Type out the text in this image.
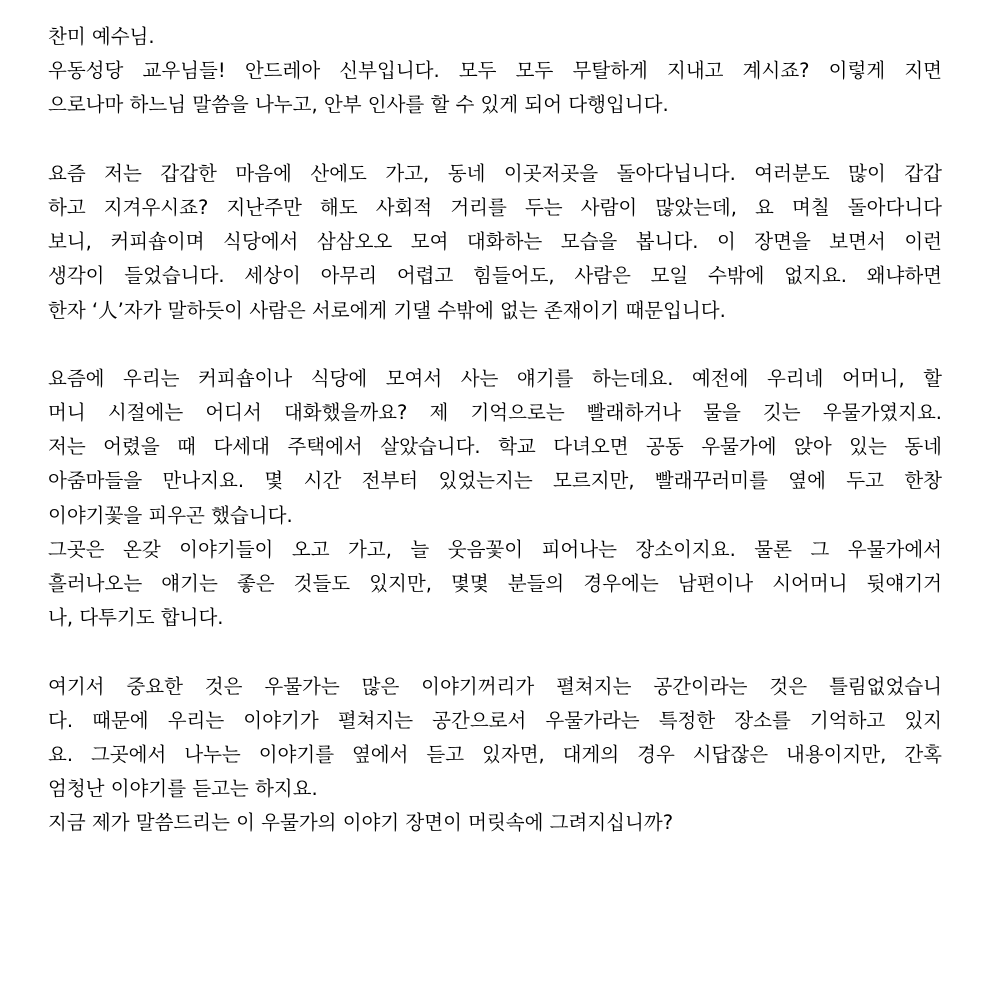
찬미 예수님.
우동성당 교우님들! 안드레아 신부입니다. 모두 모두 무탈하게 지내고 계시죠? 이렇게 지면
으로나마 하느님 말씀을 나누고, 안부 인사를 할 수 있게 되어 다행입니다.
요즘 저는 갑갑한 마음에 산에도 가고, 동네 이곳저곳을 돌아다닙니다. 여러분도 많이 갑갑
하고 지겨우시죠? 지난주만 해도 사회적 거리를 두는 사람이 많았는데, 요 며칠 돌아다니다
보니, 커피숍이며 식당에서 삼삼오오 모여 대화하는 모습을 봅니다. 이 장면을 보면서 이런
생각이 들었습니다. 세상이 아무리 어렵고 힘들어도, 사람은 모일 수밖에 없지요. 왜냐하면
한자 ‘人’자가 말하듯이 사람은 서로에게 기댈 수밖에 없는 존재이기 때문입니다.
요즘에 우리는 커피숍이나 식당에 모여서 사는 얘기를 하는데요. 예전에 우리네 어머니, 할
머니 시절에는 어디서 대화했을까요? 제 기억으로는 빨래하거나 물을 깃는 우물가였지요.
저는 어렸을 때 다세대 주택에서 살았습니다. 학교 다녀오면 공동 우물가에 앉아 있는 동네
아줌마들을 만나지요. 몇 시간 전부터 있었는지는 모르지만, 빨래꾸러미를 옆에 두고 한창
이야기꽃을 피우곤 했습니다.
그곳은 온갖 이야기들이 오고 가고, 늘 웃음꽃이 피어나는 장소이지요. 물론 그 우물가에서
흘러나오는 얘기는 좋은 것들도 있지만, 몇몇 분들의 경우에는 남편이나 시어머니 뒷얘기거
나, 다투기도 합니다.
여기서 중요한 것은 우물가는 많은 이야기꺼리가 펼쳐지는 공간이라는 것은 틀림없었습니
다. 때문에 우리는 이야기가 펼쳐지는 공간으로서 우물가라는 특정한 장소를 기억하고 있지
요. 그곳에서 나누는 이야기를 옆에서 듣고 있자면, 대게의 경우 시답잖은 내용이지만, 간혹
엄청난 이야기를 듣고는 하지요.
지금 제가 말씀드리는 이 우물가의 이야기 장면이 머릿속에 그려지십니까?
